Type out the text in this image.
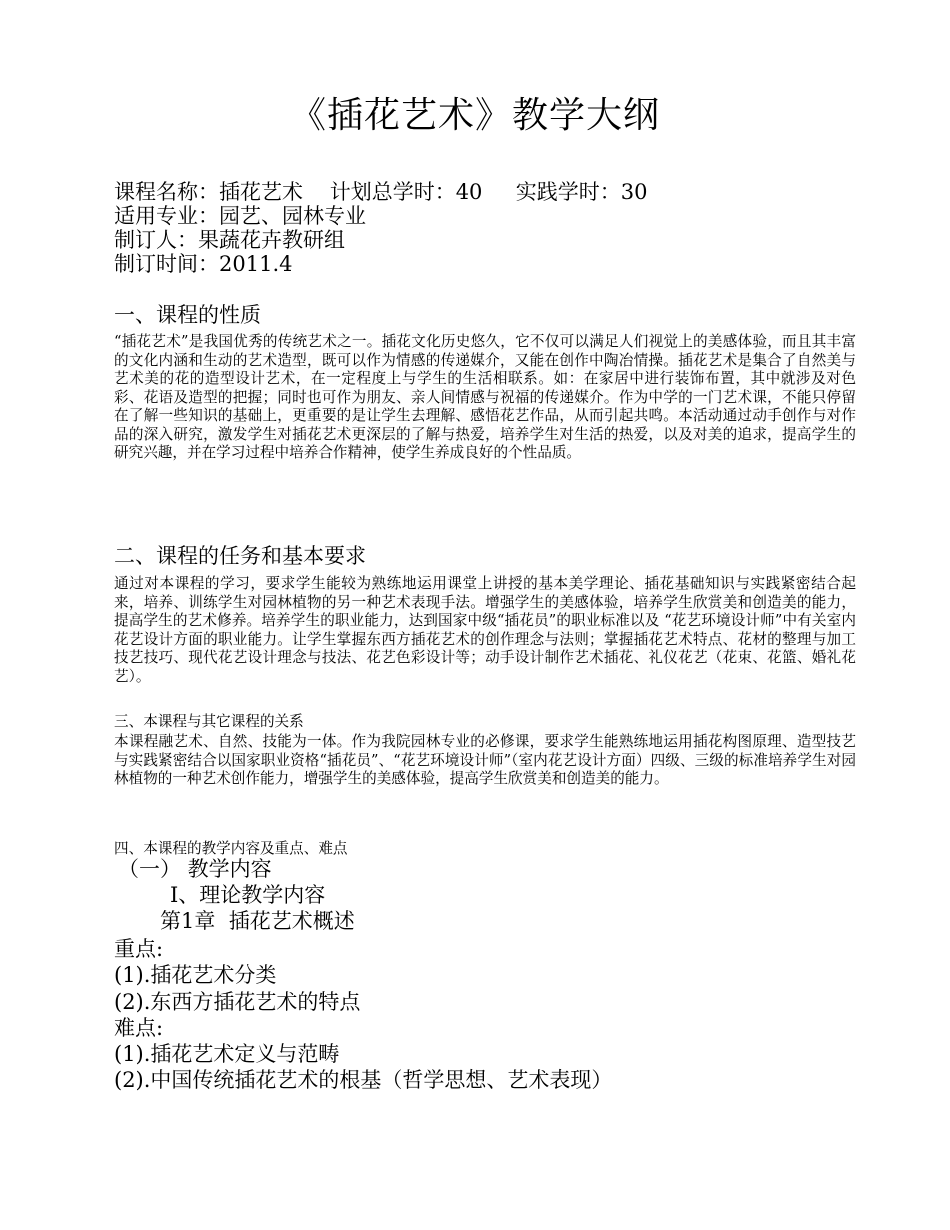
《插花艺术》教学大纲
课程名称：插花艺术    计划总学时：40     实践学时：30
适用专业：园艺、园林专业
制订人：果蔬花卉教研组
制订时间：2011.4
一、课程的性质
“插花艺术”是我国优秀的传统艺术之一。插花文化历史悠久，它不仅可以满足人们视觉上的美感体验，而且其丰富的文化内涵和生动的艺术造型，既可以作为情感的传递媒介，又能在创作中陶冶情操。插花艺术是集合了自然美与艺术美的花的造型设计艺术，在一定程度上与学生的生活相联系。如：在家居中进行装饰布置，其中就涉及对色彩、花语及造型的把握；同时也可作为朋友、亲人间情感与祝福的传递媒介。作为中学的一门艺术课，不能只停留在了解一些知识的基础上，更重要的是让学生去理解、感悟花艺作品，从而引起共鸣。本活动通过动手创作与对作品的深入研究，激发学生对插花艺术更深层的了解与热爱，培养学生对生活的热爱，以及对美的追求，提高学生的研究兴趣，并在学习过程中培养合作精神，使学生养成良好的个性品质。
二、课程的任务和基本要求
通过对本课程的学习，要求学生能较为熟练地运用课堂上讲授的基本美学理论、插花基础知识与实践紧密结合起来，培养、训练学生对园林植物的另一种艺术表现手法。增强学生的美感体验，培养学生欣赏美和创造美的能力，提高学生的艺术修养。培养学生的职业能力，达到国家中级“插花员”的职业标准以及 “花艺环境设计师”中有关室内花艺设计方面的职业能力。让学生掌握东西方插花艺术的创作理念与法则；掌握插花艺术特点、花材的整理与加工技艺技巧、现代花艺设计理念与技法、花艺色彩设计等；动手设计制作艺术插花、礼仪花艺（花束、花篮、婚礼花艺）。
三、本课程与其它课程的关系
本课程融艺术、自然、技能为一体。作为我院园林专业的必修课，要求学生能熟练地运用插花构图原理、造型技艺与实践紧密结合以国家职业资格“插花员”、“花艺环境设计师”（室内花艺设计方面）四级、三级的标准培养学生对园林植物的一种艺术创作能力，增强学生的美感体验，提高学生欣赏美和创造美的能力。
四、本课程的教学内容及重点、难点
（一） 教学内容
Ⅰ、理论教学内容
第1章  插花艺术概述
重点:
(1).插花艺术分类
(2).东西方插花艺术的特点
难点:
(1).插花艺术定义与范畴
(2).中国传统插花艺术的根基（哲学思想、艺术表现）
